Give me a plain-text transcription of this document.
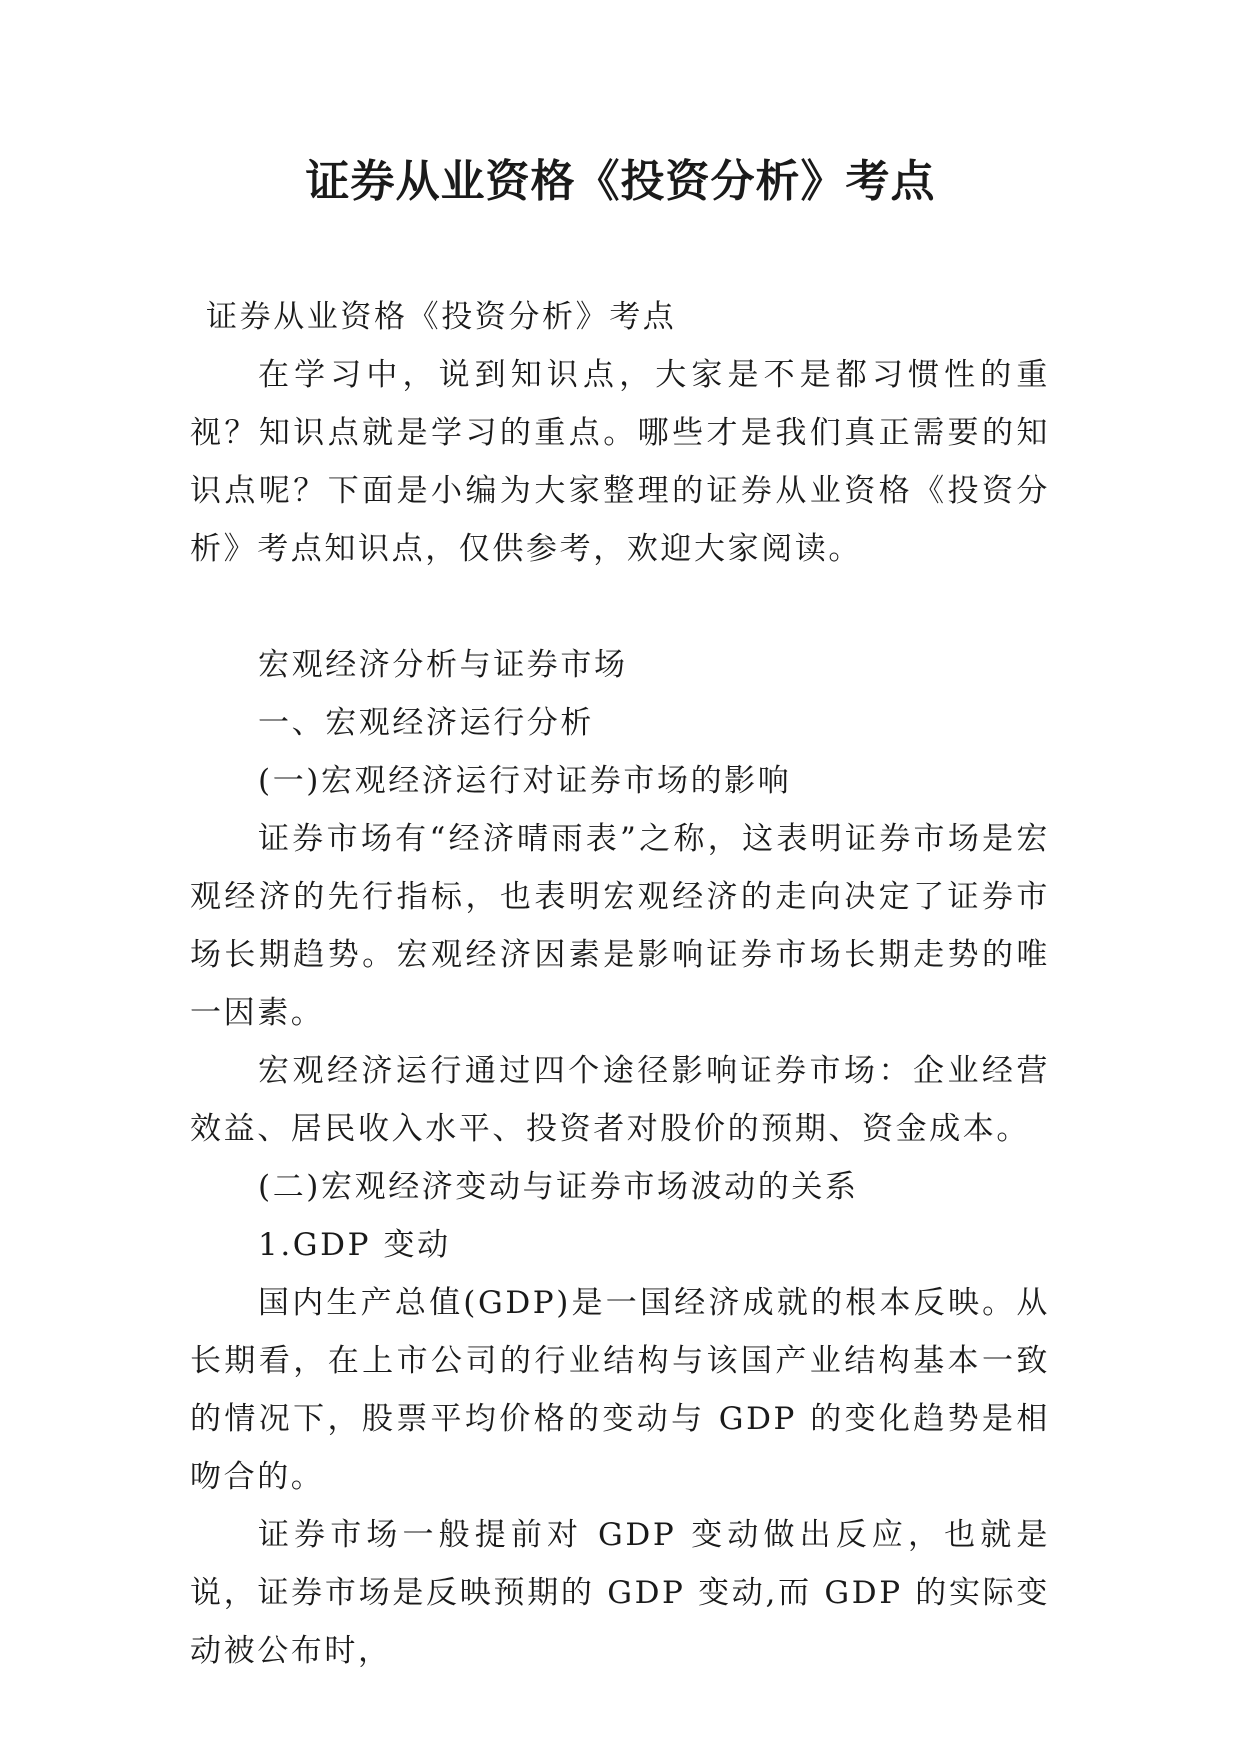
证券从业资格《投资分析》考点

证券从业资格《投资分析》考点

在学习中，说到知识点，大家是不是都习惯性的重视？知识点就是学习的重点。哪些才是我们真正需要的知识点呢？下面是小编为大家整理的证券从业资格《投资分析》考点知识点，仅供参考，欢迎大家阅读。

宏观经济分析与证券市场

一、宏观经济运行分析

(一)宏观经济运行对证券市场的影响

证券市场有“经济晴雨表”之称，这表明证券市场是宏观经济的先行指标，也表明宏观经济的走向决定了证券市场长期趋势。宏观经济因素是影响证券市场长期走势的唯一因素。

宏观经济运行通过四个途径影响证券市场：企业经营效益、居民收入水平、投资者对股价的预期、资金成本。

(二)宏观经济变动与证券市场波动的关系

1.GDP 变动

国内生产总值(GDP)是一国经济成就的根本反映。从长期看，在上市公司的行业结构与该国产业结构基本一致的情况下，股票平均价格的变动与 GDP 的变化趋势是相吻合的。

证券市场一般提前对 GDP 变动做出反应，也就是说，证券市场是反映预期的 GDP 变动,而 GDP 的实际变动被公布时，
